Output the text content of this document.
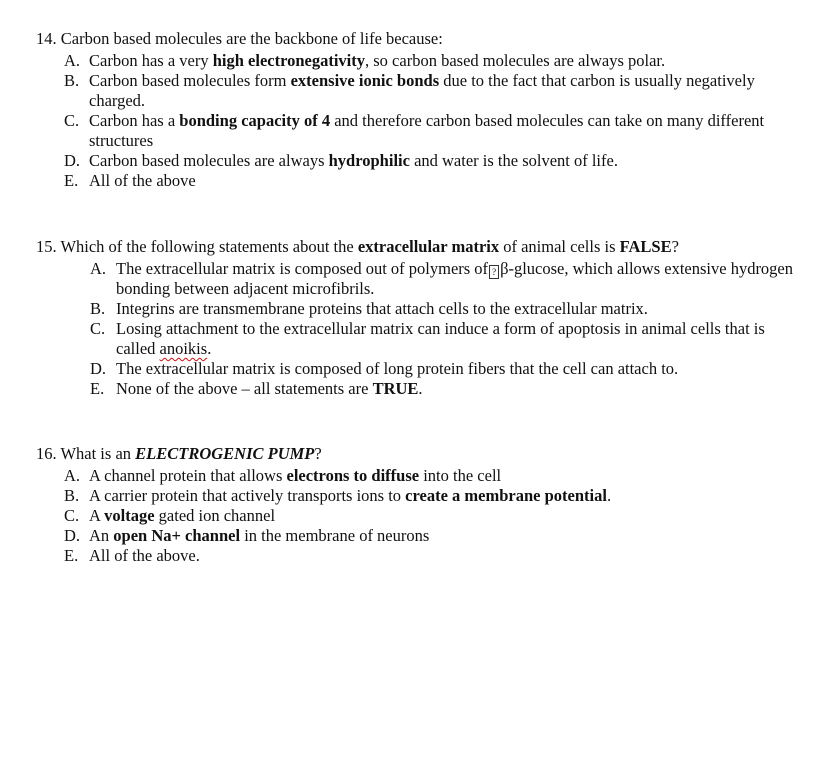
14. Carbon based molecules are the backbone of life because:

A. Carbon has a very high electronegativity, so carbon based molecules are always polar.
B. Carbon based molecules form extensive ionic bonds due to the fact that carbon is usually negatively charged.
C. Carbon has a bonding capacity of 4 and therefore carbon based molecules can take on many different structures
D. Carbon based molecules are always hydrophilic and water is the solvent of life.
E. All of the above

15. Which of the following statements about the extracellular matrix of animal cells is FALSE?

A. The extracellular matrix is composed out of polymers of ? β-glucose, which allows extensive hydrogen bonding between adjacent microfibrils.
B. Integrins are transmembrane proteins that attach cells to the extracellular matrix.
C. Losing attachment to the extracellular matrix can induce a form of apoptosis in animal cells that is called anoikis.
D. The extracellular matrix is composed of long protein fibers that the cell can attach to.
E. None of the above – all statements are TRUE.

16. What is an ELECTROGENIC PUMP?

A. A channel protein that allows electrons to diffuse into the cell
B. A carrier protein that actively transports ions to create a membrane potential.
C. A voltage gated ion channel
D. An open Na+ channel in the membrane of neurons
E. All of the above.
